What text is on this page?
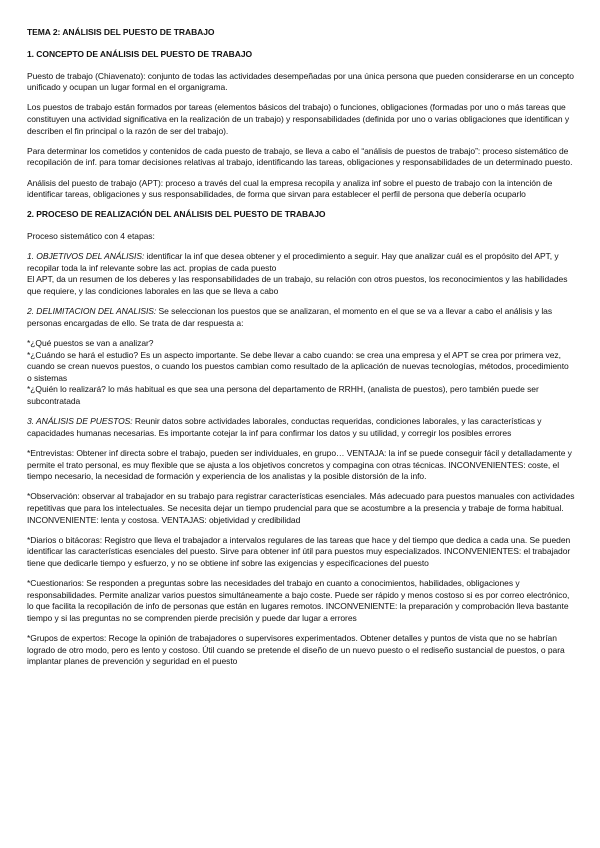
TEMA 2: ANÁLISIS DEL PUESTO DE TRABAJO

1. CONCEPTO DE ANÁLISIS DEL PUESTO DE TRABAJO

Puesto de trabajo (Chiavenato): conjunto de todas las actividades desempeñadas por una única persona que pueden considerarse en un concepto unificado y ocupan un lugar formal en el organigrama.

Los puestos de trabajo están formados por tareas (elementos básicos del trabajo) o funciones, obligaciones (formadas por uno o más tareas que constituyen una actividad significativa en la realización de un trabajo) y responsabilidades (definida por uno o varias obligaciones que identifican y describen el fin principal o la razón de ser del trabajo).

Para determinar los cometidos y contenidos de cada puesto de trabajo, se lleva a cabo el “análisis de puestos de trabajo”: proceso sistemático de recopilación de inf. para tomar decisiones relativas al trabajo, identificando las tareas, obligaciones y responsabilidades de un determinado puesto.

Análisis del puesto de trabajo (APT): proceso a través del cual la empresa recopila y analiza inf sobre el puesto de trabajo con la intención de identificar tareas, obligaciones y sus responsabilidades, de forma que sirvan para establecer el perfil de persona que debería ocuparlo

2. PROCESO DE REALIZACIÓN DEL ANÁLISIS DEL PUESTO DE TRABAJO

Proceso sistemático con 4 etapas:

1. OBJETIVOS DEL ANÁLISIS: identificar la inf que desea obtener y el procedimiento a seguir. Hay que analizar cuál es el propósito del APT, y recopilar toda la inf relevante sobre las act. propias de cada puesto

El APT, da un resumen de los deberes y las responsabilidades de un trabajo, su relación con otros puestos, los reconocimientos y las habilidades que requiere, y las condiciones laborales en las que se lleva a cabo

2. DELIMITACION DEL ANALISIS: Se seleccionan los puestos que se analizaran, el momento en el que se va a llevar a cabo el análisis y las personas encargadas de ello. Se trata de dar respuesta a:

*¿Qué puestos se van a analizar?

*¿Cuándo se hará el estudio? Es un aspecto importante. Se debe llevar a cabo cuando: se crea una empresa y el APT se crea por primera vez, cuando se crean nuevos puestos, o cuando los puestos cambian como resultado de la aplicación de nuevas tecnologías, métodos, procedimiento o sistemas

*¿Quién lo realizará? lo más habitual es que sea una persona del departamento de RRHH, (analista de puestos), pero también puede ser subcontratada

3. ANÁLISIS DE PUESTOS: Reunir datos sobre actividades laborales, conductas requeridas, condiciones laborales, y las características y capacidades humanas necesarias. Es importante cotejar la inf para confirmar los datos y su utilidad, y corregir los posibles errores

*Entrevistas: Obtener inf directa sobre el trabajo, pueden ser individuales, en grupo… VENTAJA: la inf se puede conseguir fácil y detalladamente y permite el trato personal, es muy flexible que se ajusta a los objetivos concretos y compagina con otras técnicas. INCONVENIENTES: coste, el tiempo necesario, la necesidad de formación y experiencia de los analistas y la posible distorsión de la info.

*Observación: observar al trabajador en su trabajo para registrar características esenciales. Más adecuado para puestos manuales con actividades repetitivas que para los intelectuales. Se necesita dejar un tiempo prudencial para que se acostumbre a la presencia y trabaje de forma habitual. INCONVENIENTE: lenta y costosa. VENTAJAS: objetividad y credibilidad

*Diarios o bitácoras: Registro que lleva el trabajador a intervalos regulares de las tareas que hace y del tiempo que dedica a cada una. Se pueden identificar las características esenciales del puesto. Sirve para obtener inf útil para puestos muy especializados. INCONVENIENTES: el trabajador tiene que dedicarle tiempo y esfuerzo, y no se obtiene inf sobre las exigencias y especificaciones del puesto

*Cuestionarios: Se responden a preguntas sobre las necesidades del trabajo en cuanto a conocimientos, habilidades, obligaciones y responsabilidades. Permite analizar varios puestos simultáneamente a bajo coste. Puede ser rápido y menos costoso si es por correo electrónico, lo que facilita la recopilación de info de personas que están en lugares remotos. INCONVENIENTE: la preparación y comprobación lleva bastante tiempo y si las preguntas no se comprenden pierde precisión y puede dar lugar a errores

*Grupos de expertos: Recoge la opinión de trabajadores o supervisores experimentados. Obtener detalles y puntos de vista que no se habrían logrado de otro modo, pero es lento y costoso. Útil cuando se pretende el diseño de un nuevo puesto o el rediseño sustancial de puestos, o para implantar planes de prevención y seguridad en el puesto
